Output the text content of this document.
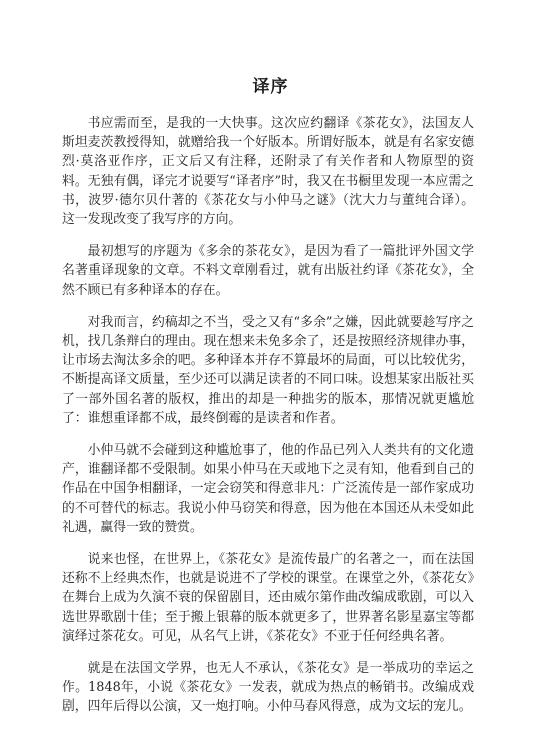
译序

书应需而至，是我的一大快事。这次应约翻译《茶花女》，法国友人斯坦麦茨教授得知，就赠给我一个好版本。所谓好版本，就是有名家安德烈·莫洛亚作序，正文后又有注释，还附录了有关作者和人物原型的资料。无独有偶，译完才说要写“译者序”时，我又在书橱里发现一本应需之书，波罗·德尔贝什著的《茶花女与小仲马之谜》（沈大力与董纯合译）。这一发现改变了我写序的方向。

最初想写的序题为《多余的茶花女》，是因为看了一篇批评外国文学名著重译现象的文章。不料文章刚看过，就有出版社约译《茶花女》，全然不顾已有多种译本的存在。

对我而言，约稿却之不当，受之又有“多余”之嫌，因此就要趁写序之机，找几条辩白的理由。现在想来未免多余了，还是按照经济规律办事，让市场去淘汰多余的吧。多种译本并存不算最坏的局面，可以比较优劣，不断提高译文质量，至少还可以满足读者的不同口味。设想某家出版社买了一部外国名著的版权，推出的却是一种拙劣的版本，那情况就更尴尬了：谁想重译都不成，最终倒霉的是读者和作者。

小仲马就不会碰到这种尴尬事了，他的作品已列入人类共有的文化遗产，谁翻译都不受限制。如果小仲马在天或地下之灵有知，他看到自己的作品在中国争相翻译，一定会窃笑和得意非凡：广泛流传是一部作家成功的不可替代的标志。我说小仲马窃笑和得意，因为他在本国还从未受如此礼遇，赢得一致的赞赏。

说来也怪，在世界上，《茶花女》是流传最广的名著之一，而在法国还称不上经典杰作，也就是说进不了学校的课堂。在课堂之外，《茶花女》在舞台上成为久演不衰的保留剧目，还由威尔第作曲改编成歌剧，可以入选世界歌剧十佳；至于搬上银幕的版本就更多了，世界著名影星嘉宝等都演绎过茶花女。可见，从名气上讲，《茶花女》不亚于任何经典名著。

就是在法国文学界，也无人不承认，《茶花女》是一举成功的幸运之作。1848年，小说《茶花女》一发表，就成为热点的畅销书。改编成戏剧，四年后得以公演，又一炮打响。小仲马春风得意，成为文坛的宠儿。
